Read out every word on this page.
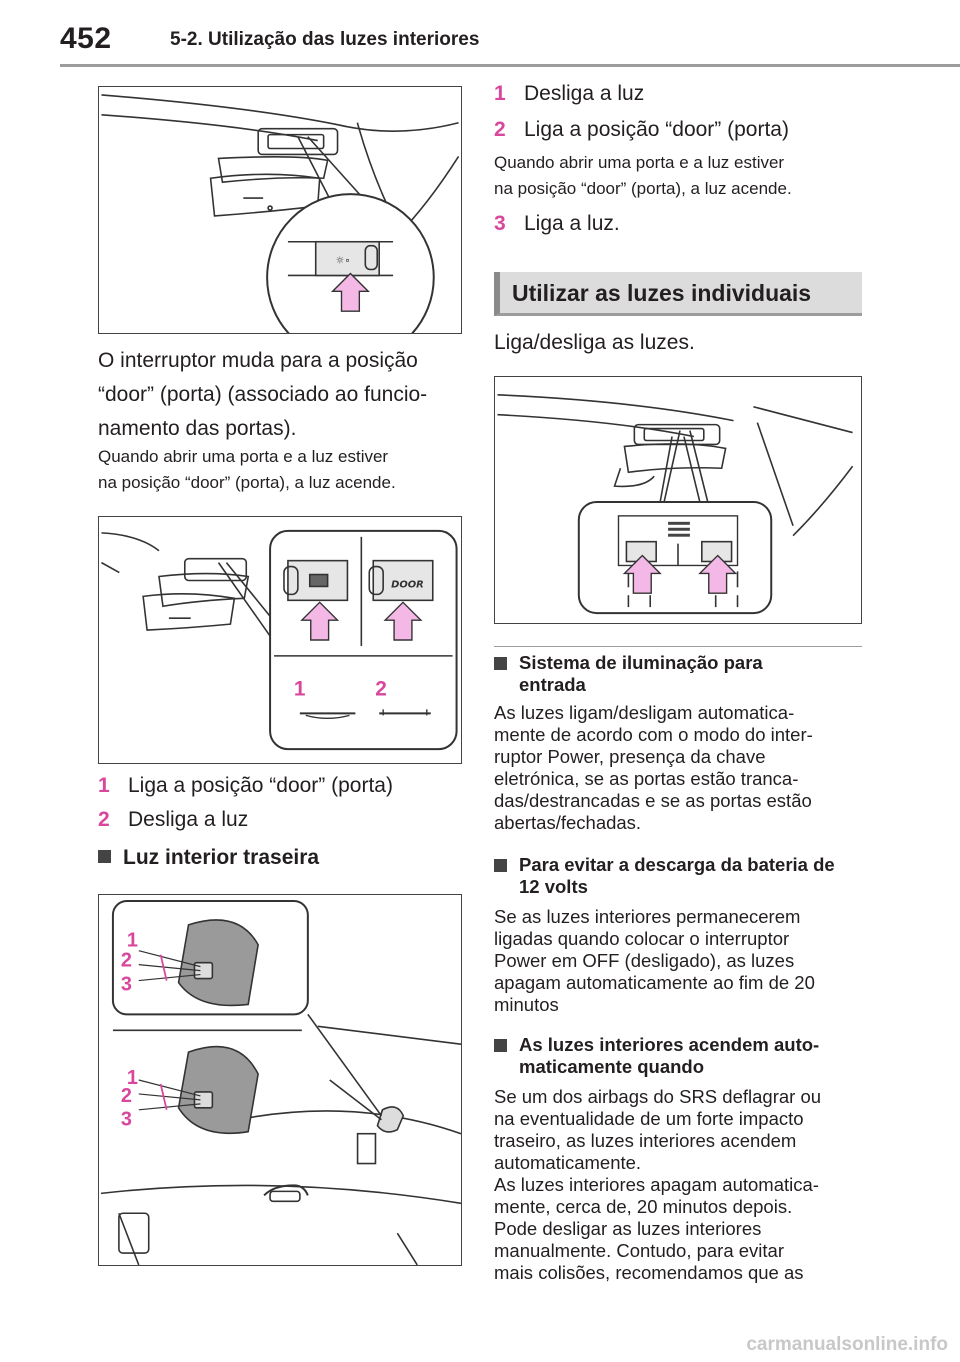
452	5-2. Utilização das luzes interiores
☼∘
O interruptor muda para a posição
“door” (porta) (associado ao funcio-
namento das portas).
Quando abrir uma porta e a luz estiver
na posição “door” (porta), a luz acende.
DOOR
1	2
1 Liga a posição “door” (porta)
2 Desliga a luz
Luz interior traseira
1
2
3
1
2
3
1 Desliga a luz
2 Liga a posição “door” (porta)
Quando abrir uma porta e a luz estiver
na posição “door” (porta), a luz acende.
3 Liga a luz.
Utilizar as luzes individuais
Liga/desliga as luzes.
Sistema de iluminação para
entrada
As luzes ligam/desligam automatica-
mente de acordo com o modo do inter-
ruptor Power, presença da chave
eletrónica, se as portas estão tranca-
das/destrancadas e se as portas estão
abertas/fechadas.
Para evitar a descarga da bateria de
12 volts
Se as luzes interiores permanecerem
ligadas quando colocar o interruptor
Power em OFF (desligado), as luzes
apagam automaticamente ao fim de 20
minutos
As luzes interiores acendem auto-
maticamente quando
Se um dos airbags do SRS deflagrar ou
na eventualidade de um forte impacto
traseiro, as luzes interiores acendem
automaticamente.
As luzes interiores apagam automatica-
mente, cerca de, 20 minutos depois.
Pode desligar as luzes interiores
manualmente. Contudo, para evitar
mais colisões, recomendamos que as
carmanualsonline.info
